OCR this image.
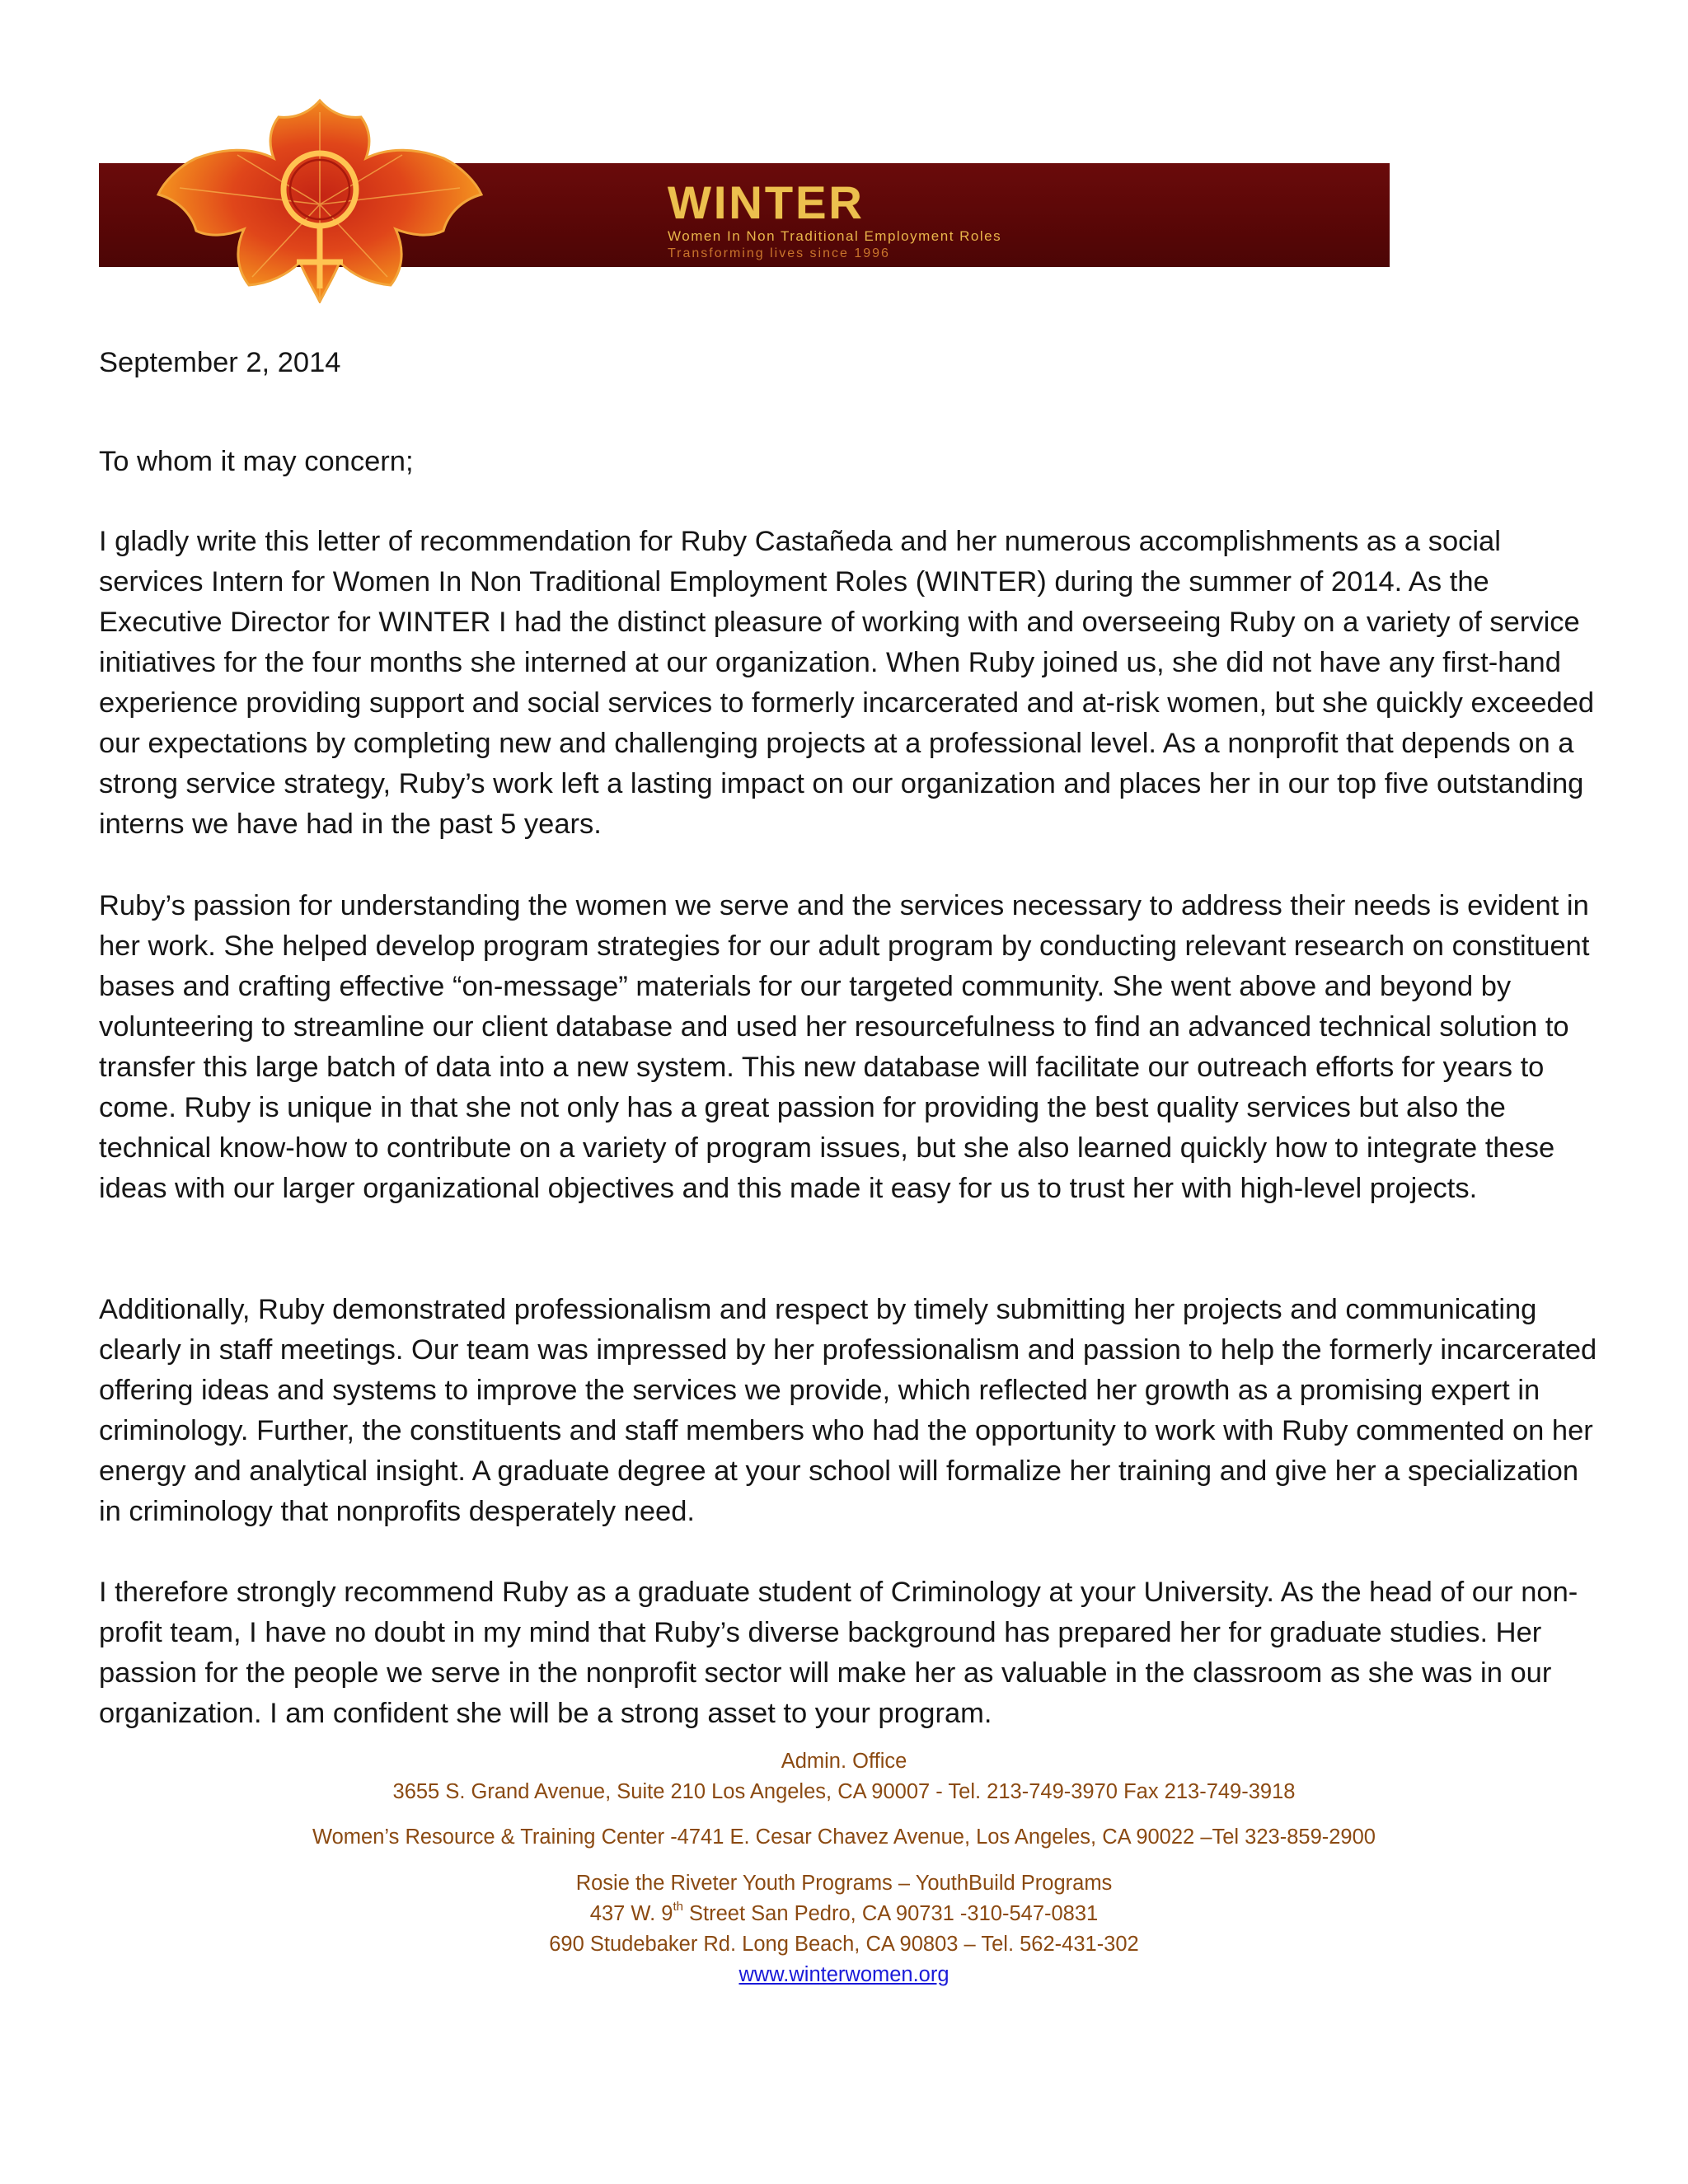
WINTER
Women In Non Traditional Employment Roles
Transforming lives since 1996
September 2, 2014
To whom it may concern;

I gladly write this letter of recommendation for Ruby Castañeda and her numerous accomplishments as a social services Intern for Women In Non Traditional Employment Roles (WINTER) during the summer of 2014. As the Executive Director for WINTER I had the distinct pleasure of working with and overseeing Ruby on a variety of service initiatives for the four months she interned at our organization. When Ruby joined us, she did not have any first-hand experience providing support and social services to formerly incarcerated and at-risk women, but she quickly exceeded our expectations by completing new and challenging projects at a professional level. As a nonprofit that depends on a strong service strategy, Ruby’s work left a lasting impact on our organization and places her in our top five outstanding interns we have had in the past 5 years.

Ruby’s passion for understanding the women we serve and the services necessary to address their needs is evident in her work. She helped develop program strategies for our adult program by conducting relevant research on constituent bases and crafting effective “on-message” materials for our targeted community. She went above and beyond by volunteering to streamline our client database and used her resourcefulness to find an advanced technical solution to transfer this large batch of data into a new system. This new database will facilitate our outreach efforts for years to come. Ruby is unique in that she not only has a great passion for providing the best quality services but also the technical know-how to contribute on a variety of program issues, but she also learned quickly how to integrate these ideas with our larger organizational objectives and this made it easy for us to trust her with high-level projects.

Additionally, Ruby demonstrated professionalism and respect by timely submitting her projects and communicating clearly in staff meetings. Our team was impressed by her professionalism and passion to help the formerly incarcerated offering ideas and systems to improve the services we provide, which reflected her growth as a promising expert in criminology. Further, the constituents and staff members who had the opportunity to work with Ruby commented on her energy and analytical insight. A graduate degree at your school will formalize her training and give her a specialization in criminology that nonprofits desperately need.

I therefore strongly recommend Ruby as a graduate student of Criminology at your University. As the head of our non-profit team, I have no doubt in my mind that Ruby’s diverse background has prepared her for graduate studies. Her passion for the people we serve in the nonprofit sector will make her as valuable in the classroom as she was in our organization. I am confident she will be a strong asset to your program.

Admin. Office
3655 S. Grand Avenue, Suite 210 Los Angeles, CA 90007 - Tel. 213-749-3970 Fax 213-749-3918
Women’s Resource & Training Center -4741 E. Cesar Chavez Avenue, Los Angeles, CA 90022 –Tel 323-859-2900
Rosie the Riveter Youth Programs – YouthBuild Programs
437 W. 9th Street San Pedro, CA 90731 -310-547-0831
690 Studebaker Rd. Long Beach, CA 90803 – Tel. 562-431-302
www.winterwomen.org
